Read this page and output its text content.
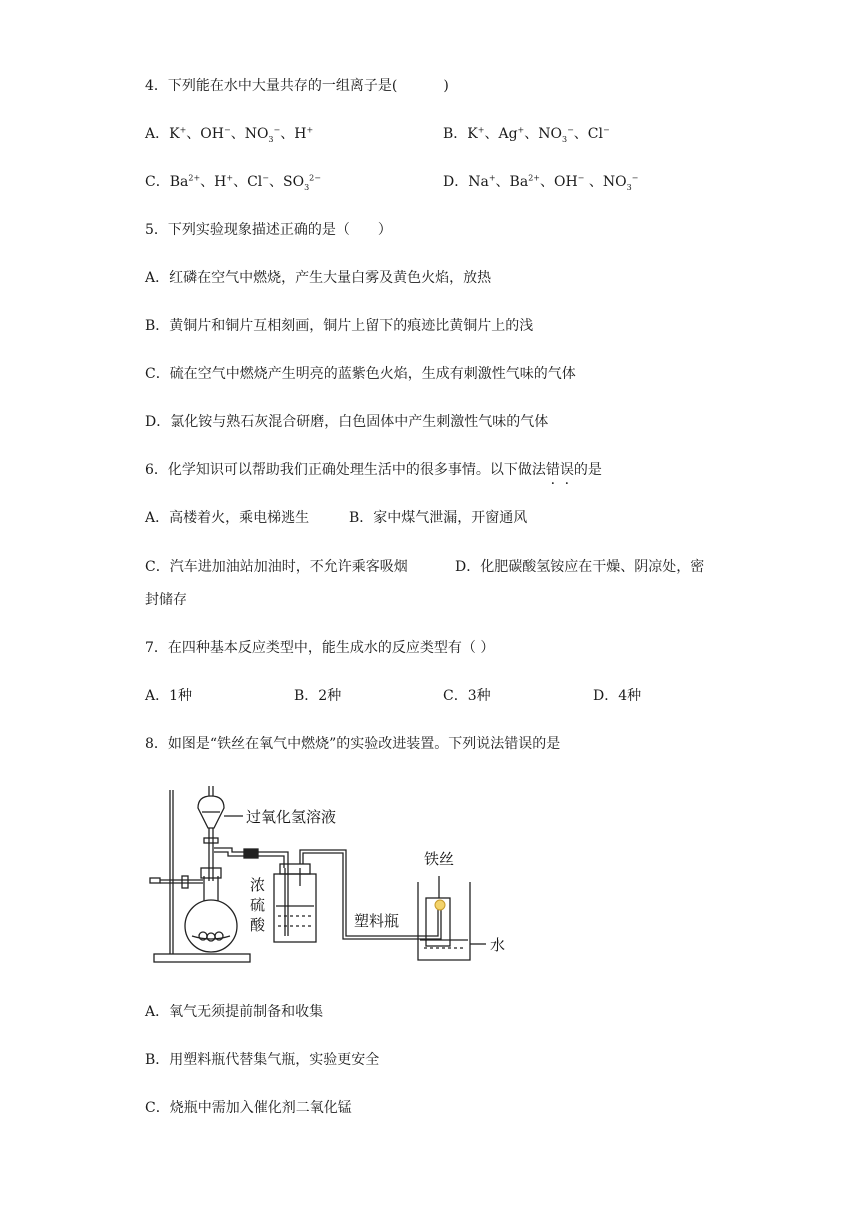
4．下列能在水中大量共存的一组离子是(	)
A．K+、OH−、$NO_3^-$、H+	B．K+、Ag+、$NO_3^-$、Cl−
C．$Ba^{2+}$、H+、Cl−、$SO_3^{2-}$	D．Na+、$Ba^{2+}$、OH− 、$NO_3^-$
5．下列实验现象描述正确的是（　　）
A．红磷在空气中燃烧，产生大量白雾及黄色火焰，放热
B．黄铜片和铜片互相刻画，铜片上留下的痕迹比黄铜片上的浅
C．硫在空气中燃烧产生明亮的蓝紫色火焰，生成有刺激性气味的气体
D．氯化铵与熟石灰混合研磨，白色固体中产生刺激性气味的气体
6．化学知识可以帮助我们正确处理生活中的很多事情。以下做法错误的是
A．高楼着火，乘电梯逃生	B．家中煤气泄漏，开窗通风
C．汽车进加油站加油时，不允许乘客吸烟	D．化肥碳酸氢铵应在干燥、阴凉处，密
封储存
7．在四种基本反应类型中，能生成水的反应类型有（ ）
A．1种	B．2种	C．3种	D．4种
8．如图是“铁丝在氧气中燃烧”的实验改进装置。下列说法错误的是
过氧化氢溶液
浓
硫
酸
铁丝
塑料瓶
水
A．氧气无须提前制备和收集
B．用塑料瓶代替集气瓶，实验更安全
C．烧瓶中需加入催化剂二氧化锰
